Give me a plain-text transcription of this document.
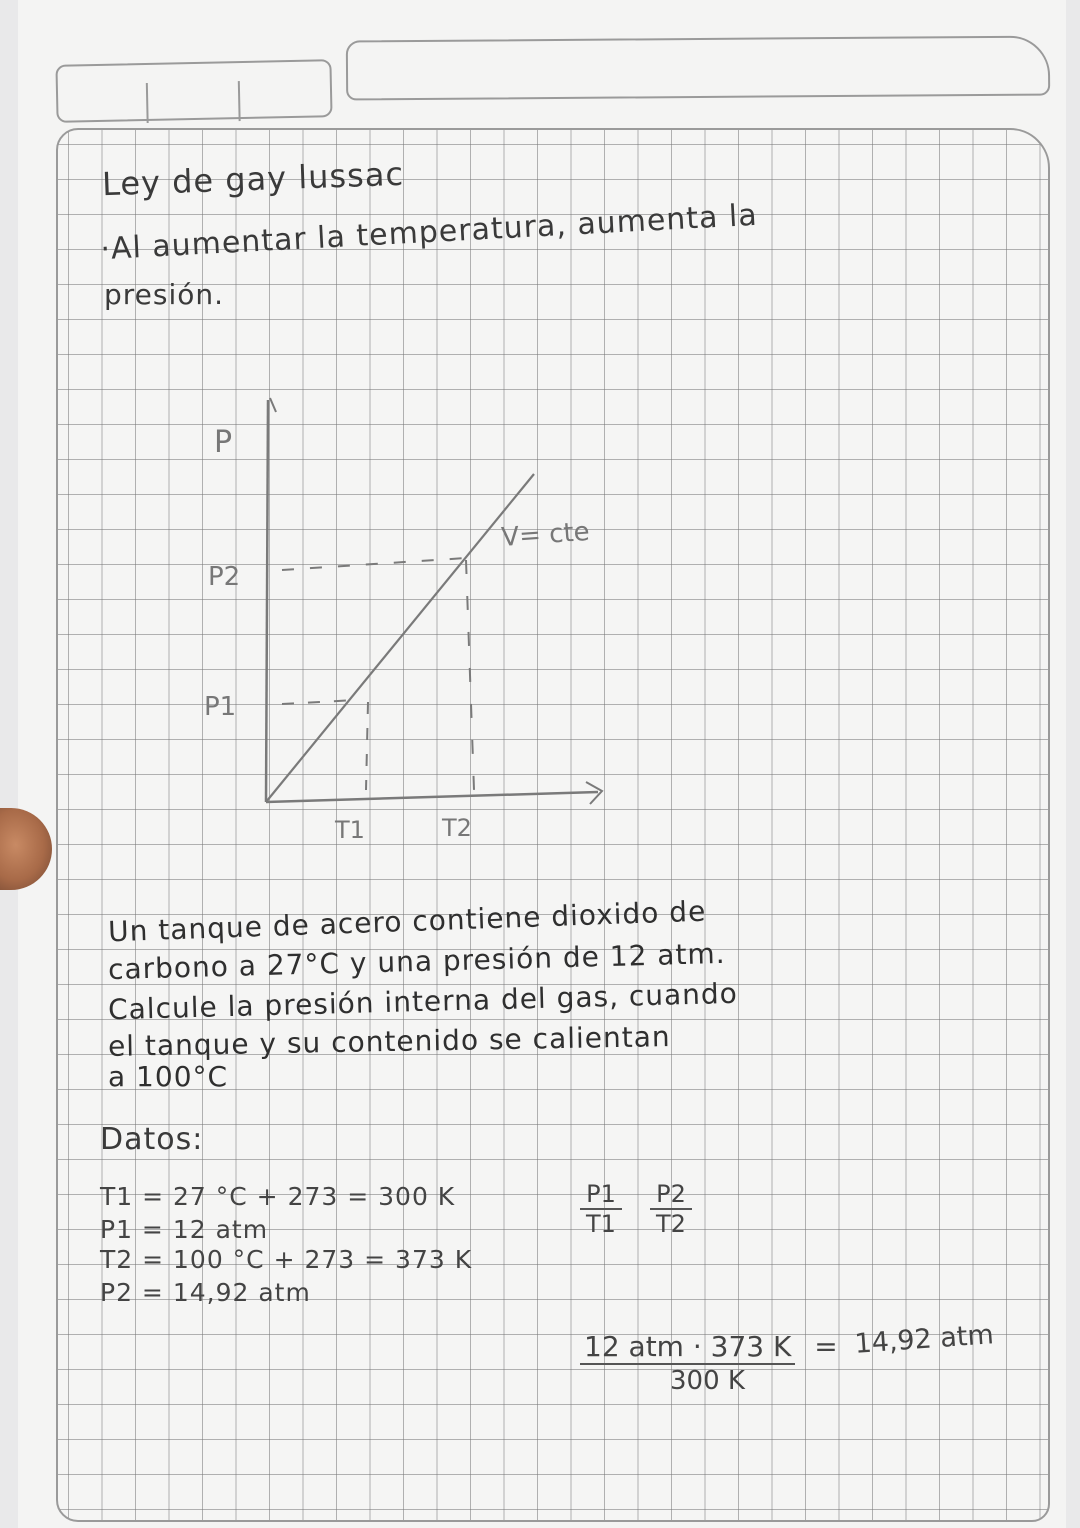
Ley de gay lussac
·Al aumentar la temperatura, aumenta la
presión.
P
P2
P1
T1	T2
V= cte
Un tanque de acero contiene dioxido de
carbono a 27°C y una presión de 12 atm.
Calcule la presión interna del gas, cuando
el tanque y su contenido se calientan
a 100°C
Datos:
T1 = 27 °C + 273 = 300 K
P1 = 12 atm
T2 = 100 °C + 273 = 373 K
P2 = 14,92 atm
$\frac{P1}{T1} \frac{P2}{T2}$
12 atm · 373 K = 14,92 atm
300 K
